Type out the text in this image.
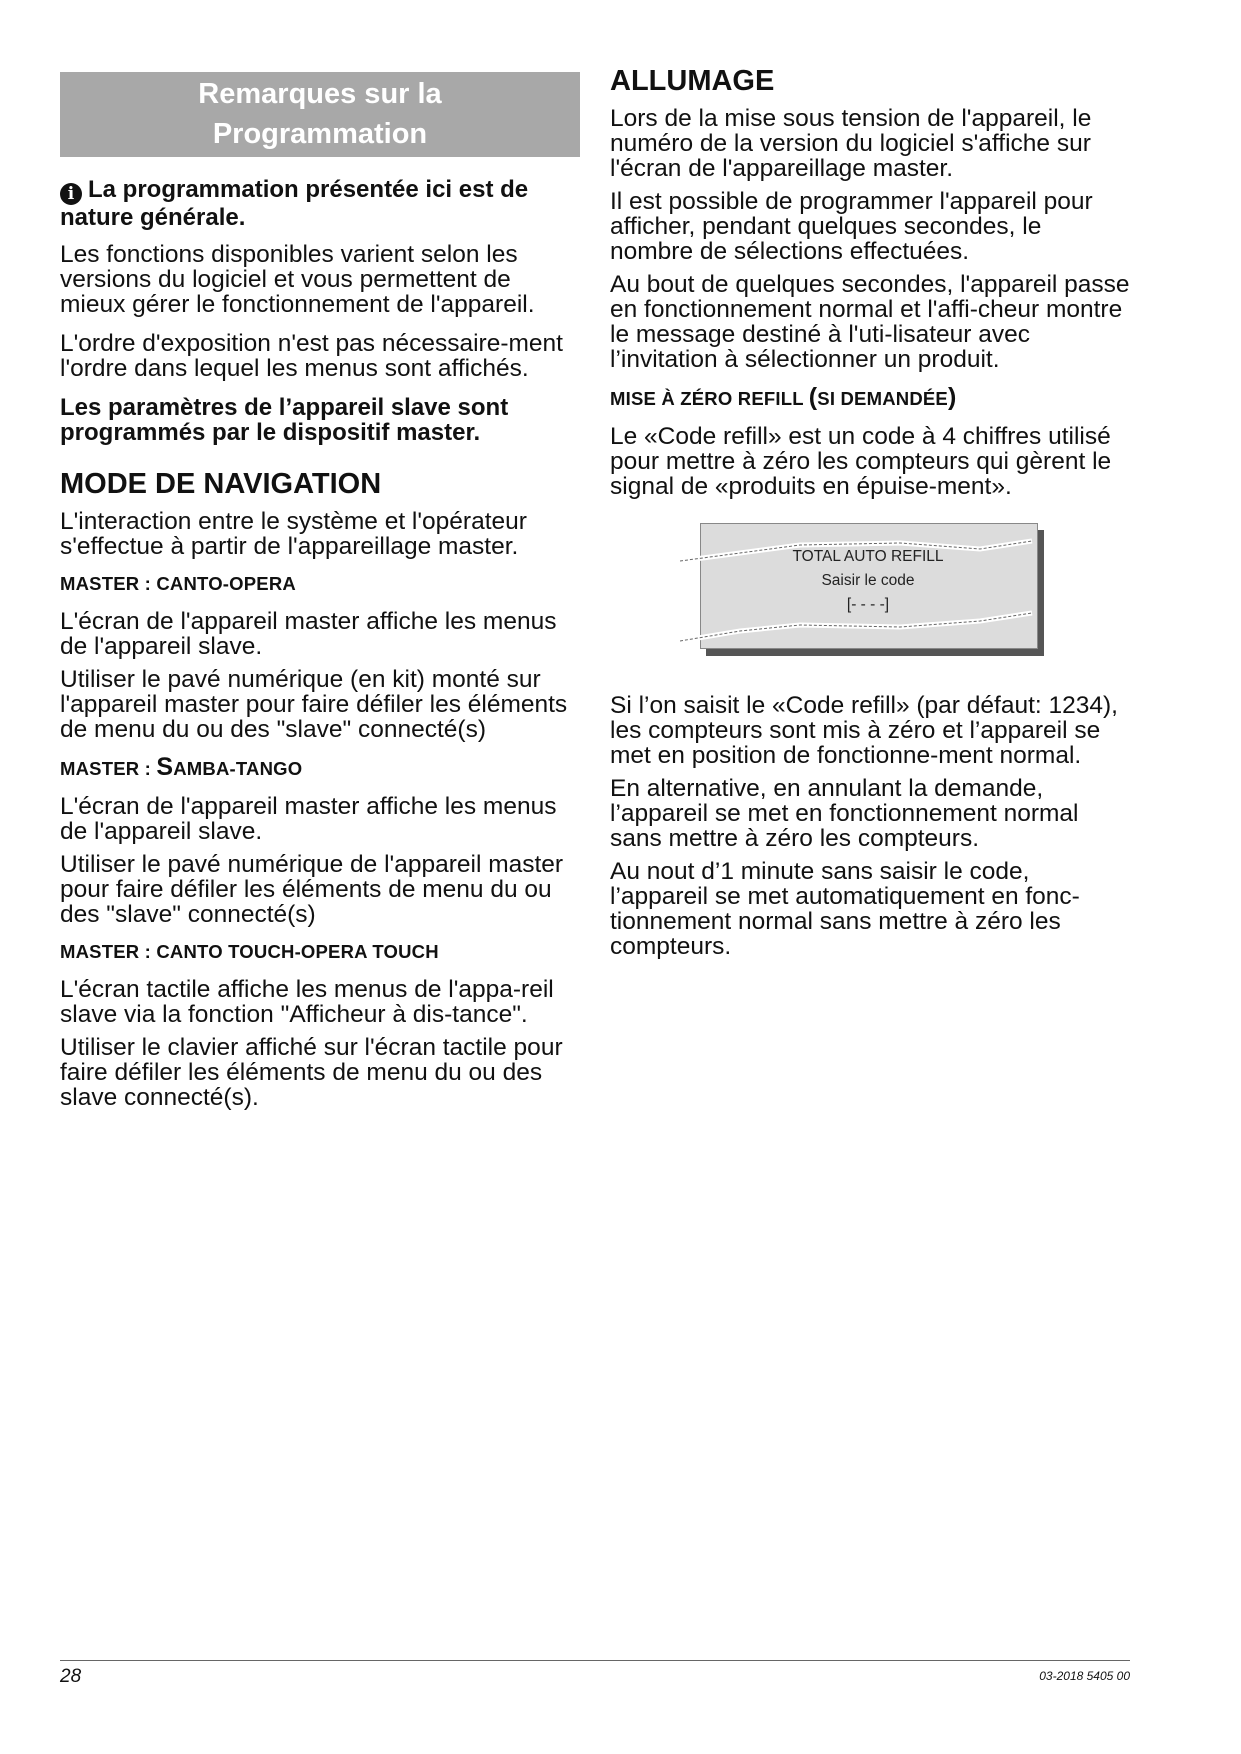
Remarques sur la
Programmation

i La programmation présentée ici est de nature générale.

Les fonctions disponibles varient selon les versions du logiciel et vous permettent de mieux gérer le fonctionnement de l'appareil.

L'ordre d'exposition n'est pas nécessaire-ment l'ordre dans lequel les menus sont affichés.

Les paramètres de l’appareil slave sont programmés par le dispositif master.

MODE DE NAVIGATION

L'interaction entre le système et l'opérateur s'effectue à partir de l'appareillage master.

MASTER : CANTO-OPERA

L'écran de l'appareil master affiche les menus de l'appareil slave.

Utiliser le pavé numérique (en kit) monté sur l'appareil master pour faire défiler les éléments de menu du ou des "slave" connecté(s)

MASTER : SAMBA-TANGO

L'écran de l'appareil master affiche les menus de l'appareil slave.

Utiliser le pavé numérique de l'appareil master pour faire défiler les éléments de menu du ou des "slave" connecté(s)

MASTER : CANTO TOUCH-OPERA TOUCH

L'écran tactile affiche les menus de l'appa-reil slave via la fonction "Afficheur à dis-tance".

Utiliser le clavier affiché sur l'écran tactile pour faire défiler les éléments de menu du ou des slave connecté(s).

ALLUMAGE

Lors de la mise sous tension de l'appareil, le numéro de la version du logiciel s'affiche sur l'écran de l'appareillage master.

Il est possible de programmer l'appareil pour afficher, pendant quelques secondes, le nombre de sélections effectuées.

Au bout de quelques secondes, l'appareil passe en fonctionnement normal et l'affi-cheur montre le message destiné à l'uti-lisateur avec l’invitation à sélectionner un produit.

MISE À ZÉRO REFILL (SI DEMANDÉE)

Le «Code refill» est un code à 4 chiffres utilisé pour mettre à zéro les compteurs qui gèrent le signal de «produits en épuise-ment».

TOTAL AUTO REFILL
Saisir le code
[- - - -]

Si l’on saisit le «Code refill» (par défaut: 1234), les compteurs sont mis à zéro et l’appareil se met en position de fonctionne-ment normal.

En alternative, en annulant la demande, l’appareil se met en fonctionnement normal sans mettre à zéro les compteurs.

Au nout d’1 minute sans saisir le code, l’appareil se met automatiquement en fonc-tionnement normal sans mettre à zéro les compteurs.

28	03-2018 5405 00
